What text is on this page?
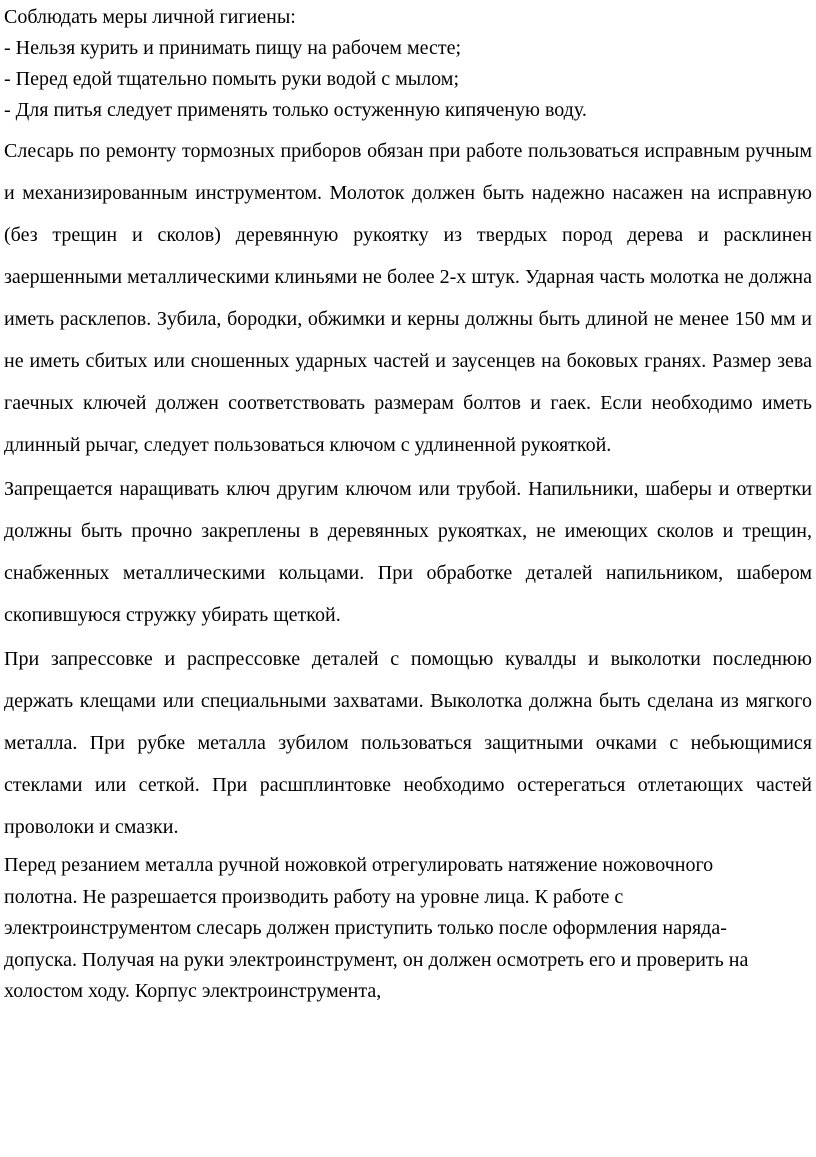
Соблюдать меры личной гигиены:

- Нельзя курить и принимать пищу на рабочем месте;

- Перед едой тщательно помыть руки водой с мылом;

- Для питья следует применять только остуженную кипяченую воду.

Слесарь по ремонту тормозных приборов обязан при работе пользоваться исправным ручным и механизированным инструментом. Молоток должен быть надежно насажен на исправную (без трещин и сколов) деревянную рукоятку из твердых пород дерева и расклинен заершенными металлическими клиньями не более 2-х штук. Ударная часть молотка не должна иметь расклепов. Зубила, бородки, обжимки и керны должны быть длиной не менее 150 мм и не иметь сбитых или сношенных ударных частей и заусенцев на боковых гранях. Размер зева гаечных ключей должен соответствовать размерам болтов и гаек. Если необходимо иметь длинный рычаг, следует пользоваться ключом с удлиненной рукояткой.

Запрещается наращивать ключ другим ключом или трубой. Напильники, шаберы и отвертки должны быть прочно закреплены в деревянных рукоятках, не имеющих сколов и трещин, снабженных металлическими кольцами. При обработке деталей напильником, шабером скопившуюся стружку убирать щеткой.

При запрессовке и распрессовке деталей с помощью кувалды и выколотки последнюю держать клещами или специальными захватами. Выколотка должна быть сделана из мягкого металла. При рубке металла зубилом пользоваться защитными очками с небьющимися стеклами или сеткой. При расшплинтовке необходимо остерегаться отлетающих частей проволоки и смазки.

Перед резанием металла ручной ножовкой отрегулировать натяжение ножовочного полотна. Не разрешается производить работу на уровне лица. К работе с электроинструментом слесарь должен приступить только после оформления наряда-допуска. Получая на руки электроинструмент, он должен осмотреть его и проверить на холостом ходу. Корпус электроинструмента,
